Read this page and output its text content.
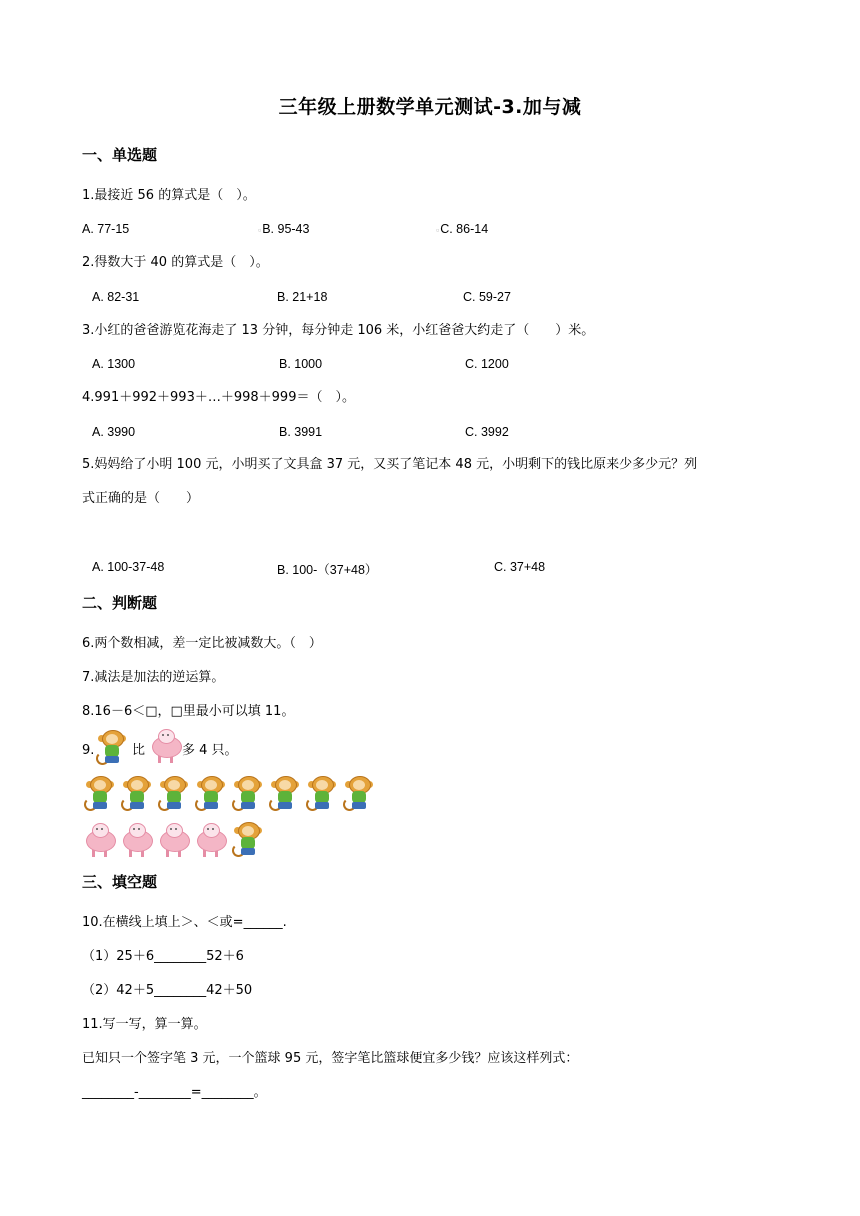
三年级上册数学单元测试-3.加与减
一、单选题
1.最接近 56 的算式是（　）。
A. 77-15	▫B. 95-43	▫C. 86-14
2.得数大于 40 的算式是（　）。
A. 82-31	B. 21+18	C. 59-27
3.小红的爸爸游览花海走了 13 分钟，每分钟走 106 米，小红爸爸大约走了（　　）米。
A. 1300	B. 1000	C. 1200
4.991＋992＋993＋…＋998＋999＝（　）。
A. 3990	B. 3991	C. 3992
5.妈妈给了小明 100 元，小明买了文具盒 37 元，又买了笔记本 48 元，小明剩下的钱比原来少多少元？列
式正确的是（　　）
A. 100-37-48	B. 100-（37+48）	C. 37+48
二、判断题
6.两个数相减，差一定比被减数大。（　）
7.减法是加法的逆运算。
8.16－6＜□，□里最小可以填 11。
9.	比	多 4 只。
三、填空题
10.在横线上填上＞、＜或=______.
（1）25＋6________52＋6
（2）42＋5________42＋50
11.写一写，算一算。
已知只一个签字笔 3 元，一个篮球 95 元，签字笔比篮球便宜多少钱？应该这样列式：
________-________=________。
